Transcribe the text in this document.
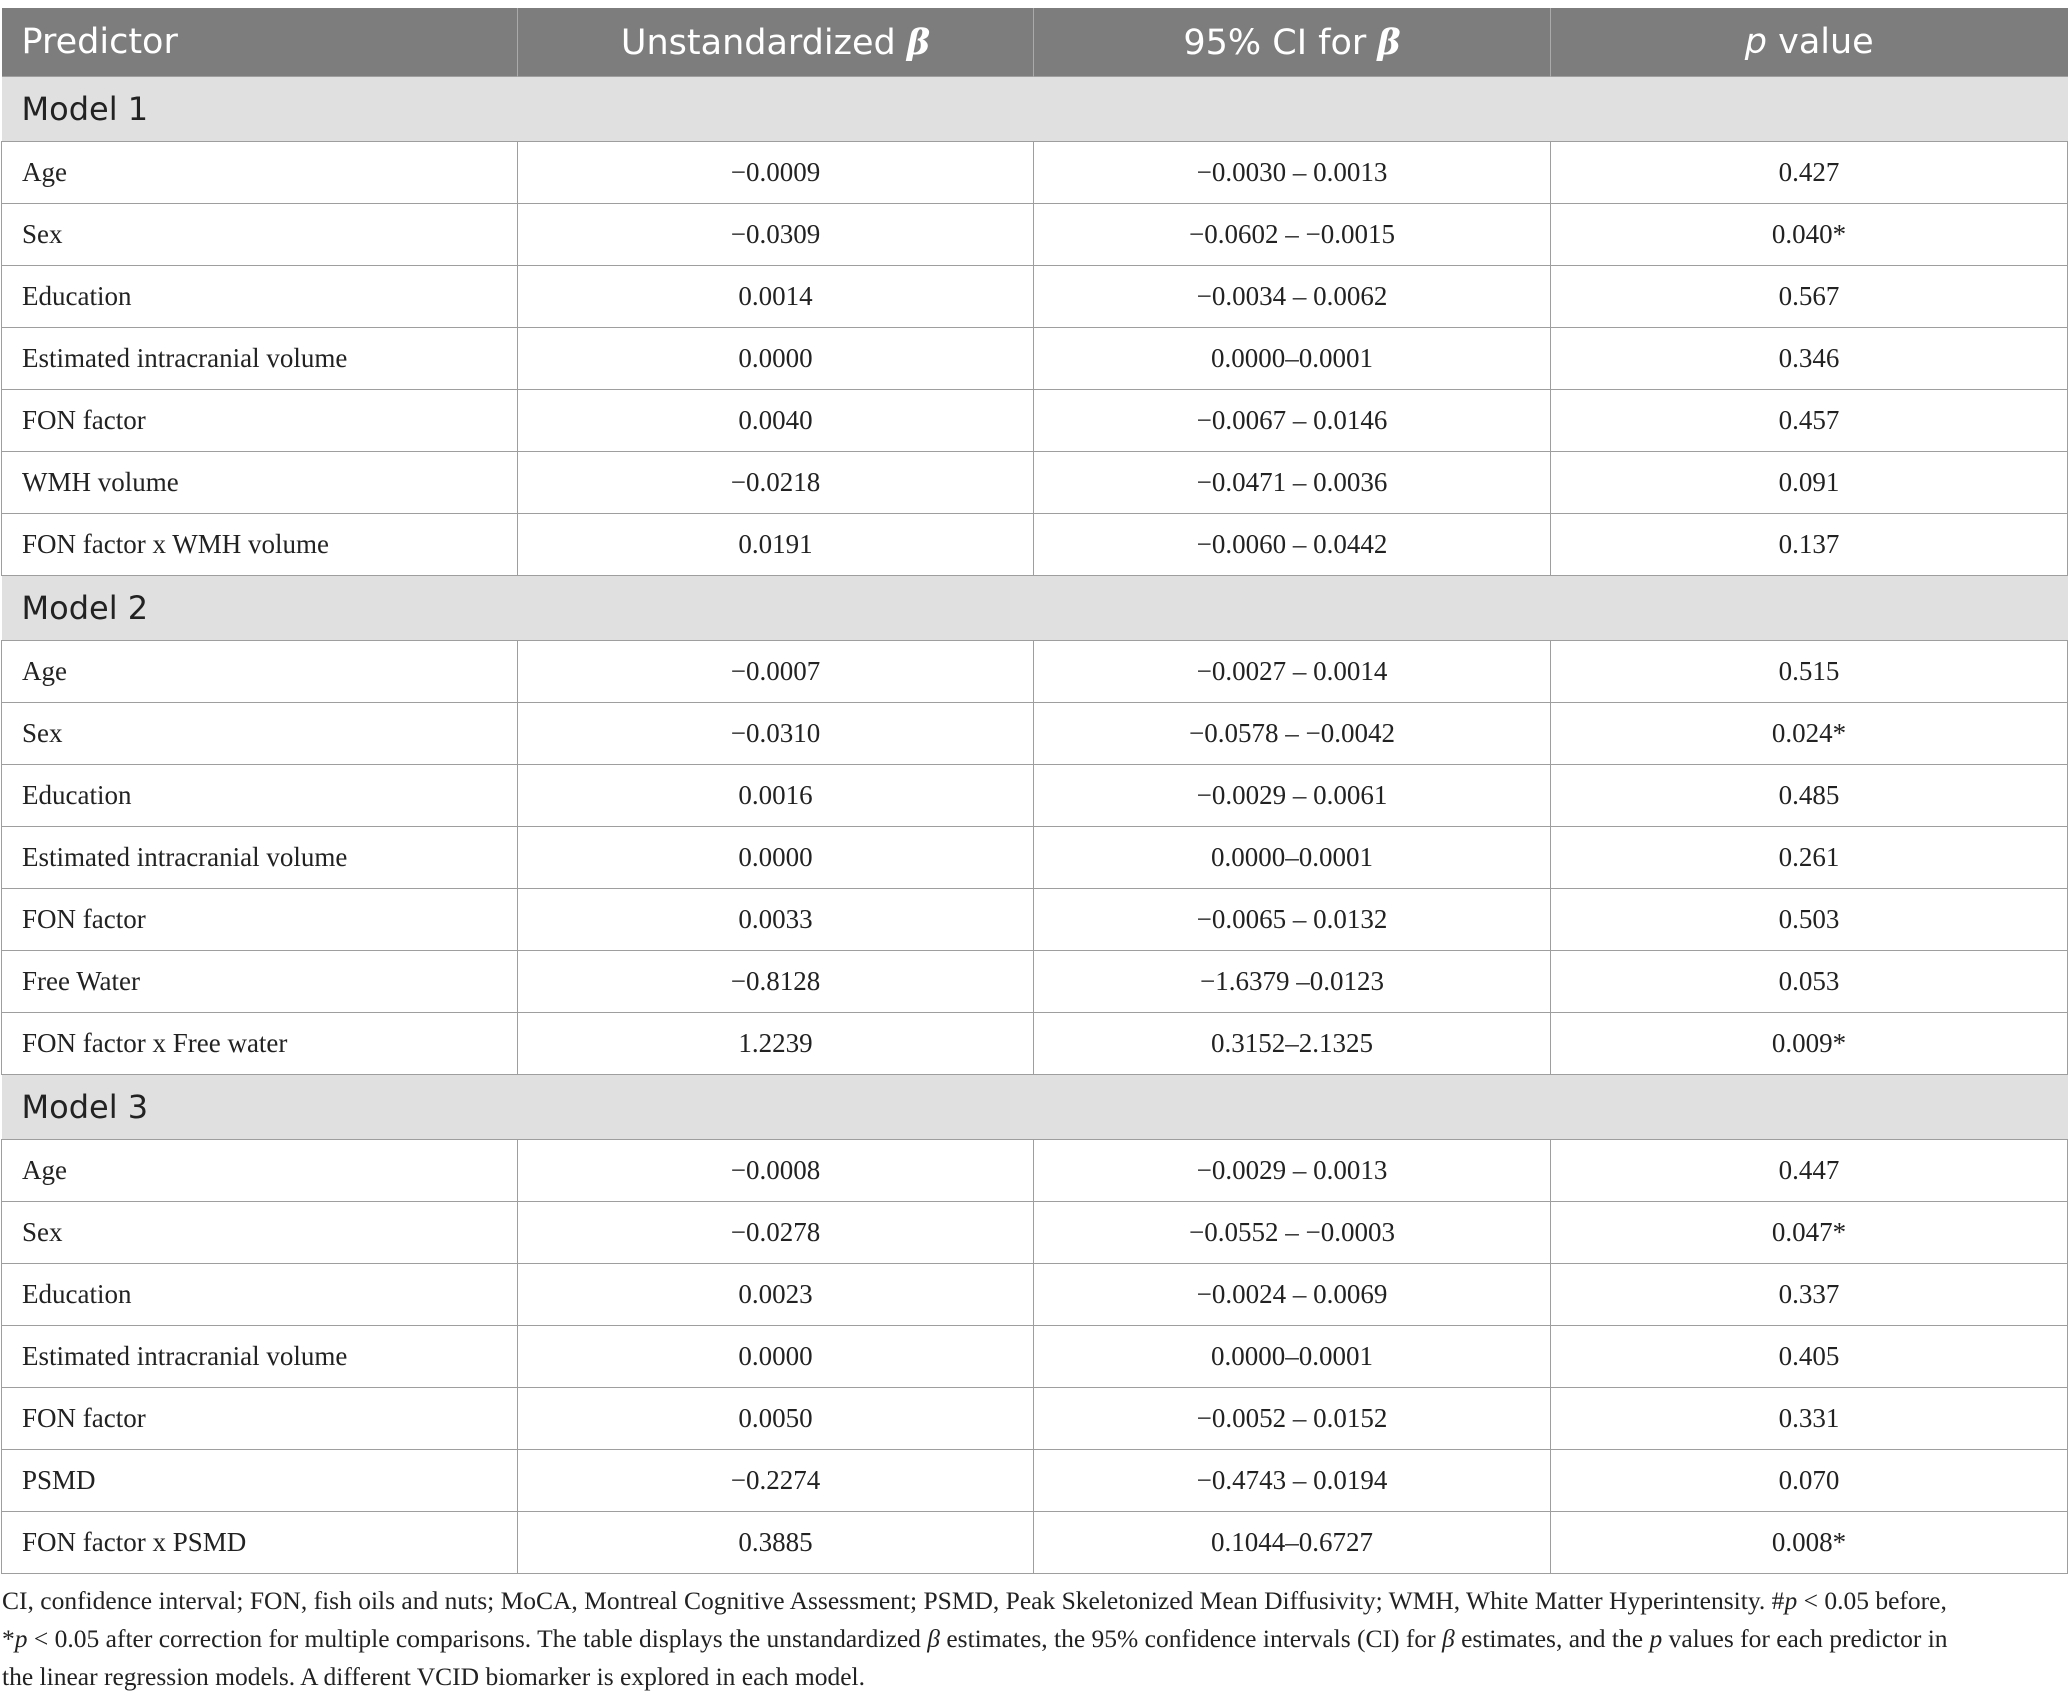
Predictor	Unstandardized β	95% CI for β	p value
Model 1			
Age	−0.0009	−0.0030 – 0.0013	0.427
Sex	−0.0309	−0.0602 – −0.0015	0.040*
Education	0.0014	−0.0034 – 0.0062	0.567
Estimated intracranial volume	0.0000	0.0000–0.0001	0.346
FON factor	0.0040	−0.0067 – 0.0146	0.457
WMH volume	−0.0218	−0.0471 – 0.0036	0.091
FON factor x WMH volume	0.0191	−0.0060 – 0.0442	0.137
Model 2			
Age	−0.0007	−0.0027 – 0.0014	0.515
Sex	−0.0310	−0.0578 – −0.0042	0.024*
Education	0.0016	−0.0029 – 0.0061	0.485
Estimated intracranial volume	0.0000	0.0000–0.0001	0.261
FON factor	0.0033	−0.0065 – 0.0132	0.503
Free Water	−0.8128	−1.6379 –0.0123	0.053
FON factor x Free water	1.2239	0.3152–2.1325	0.009*
Model 3			
Age	−0.0008	−0.0029 – 0.0013	0.447
Sex	−0.0278	−0.0552 – −0.0003	0.047*
Education	0.0023	−0.0024 – 0.0069	0.337
Estimated intracranial volume	0.0000	0.0000–0.0001	0.405
FON factor	0.0050	−0.0052 – 0.0152	0.331
PSMD	−0.2274	−0.4743 – 0.0194	0.070
FON factor x PSMD	0.3885	0.1044–0.6727	0.008*
CI, confidence interval; FON, fish oils and nuts; MoCA, Montreal Cognitive Assessment; PSMD, Peak Skeletonized Mean Diffusivity; WMH, White Matter Hyperintensity. #p < 0.05 before,
*p < 0.05 after correction for multiple comparisons. The table displays the unstandardized β estimates, the 95% confidence intervals (CI) for β estimates, and the p values for each predictor in
the linear regression models. A different VCID biomarker is explored in each model.
